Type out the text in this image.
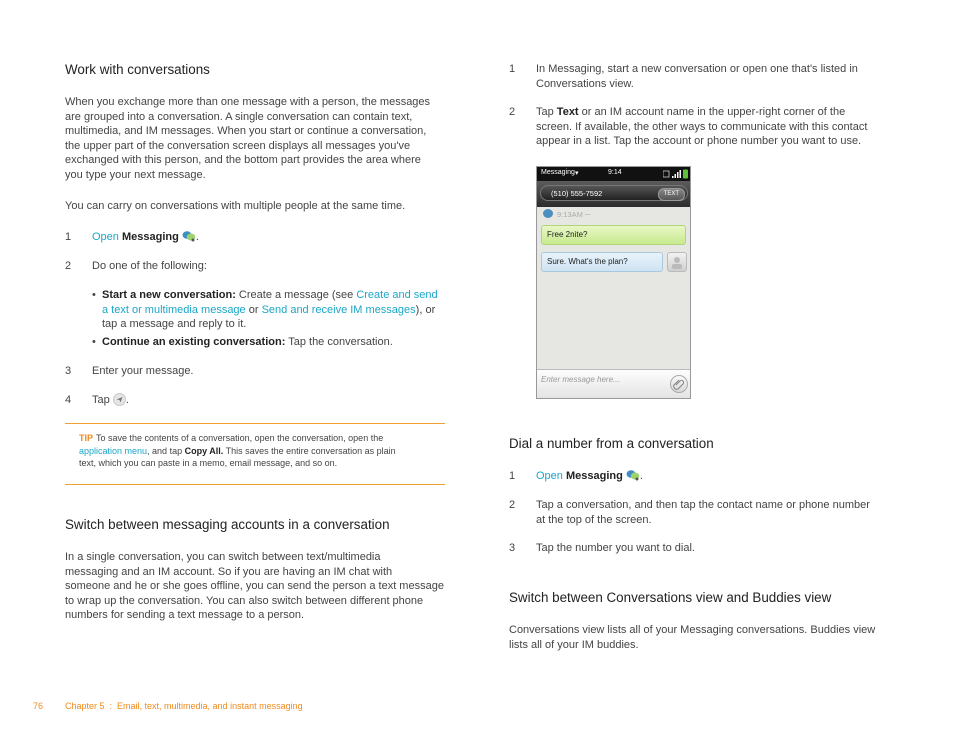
Work with conversations

When you exchange more than one message with a person, the messages
are grouped into a conversation. A single conversation can contain text,
multimedia, and IM messages. When you start or continue a conversation,
the upper part of the conversation screen displays all messages you've
exchanged with this person, and the bottom part provides the area where
you type your next message.

You can carry on conversations with multiple people at the same time.

1 Open Messaging .
2 Do one of the following:
• Start a new conversation: Create a message (see Create and send
a text or multimedia message or Send and receive IM messages), or
tap a message and reply to it.
• Continue an existing conversation: Tap the conversation.
3 Enter your message.
4 Tap .
TIP To save the contents of a conversation, open the conversation, open the
application menu, and tap Copy All. This saves the entire conversation as plain
text, which you can paste in a memo, email message, and so on.
Switch between messaging accounts in a conversation

In a single conversation, you can switch between text/multimedia
messaging and an IM account. So if you are having an IM chat with
someone and he or she goes offline, you can send the person a text message
to wrap up the conversation. You can also switch between different phone
numbers for sending a text message to a person.

1 In Messaging, start a new conversation or open one that's listed in
Conversations view.
2 Tap Text or an IM account name in the upper-right corner of the
screen. If available, the other ways to communicate with this contact
appear in a list. Tap the account or phone number you want to use.
Dial a number from a conversation
1 Open Messaging .
2 Tap a conversation, and then tap the contact name or phone number
at the top of the screen.
3 Tap the number you want to dial.
Switch between Conversations view and Buddies view

Conversations view lists all of your Messaging conversations. Buddies view
lists all of your IM buddies.

Messaging ▾	9:14
(510) 555-7592	TEXT
9:13AM ─
Free 2nite?
Sure. What's the plan?
Enter message here...
76 Chapter 5  :  Email, text, multimedia, and instant messaging
